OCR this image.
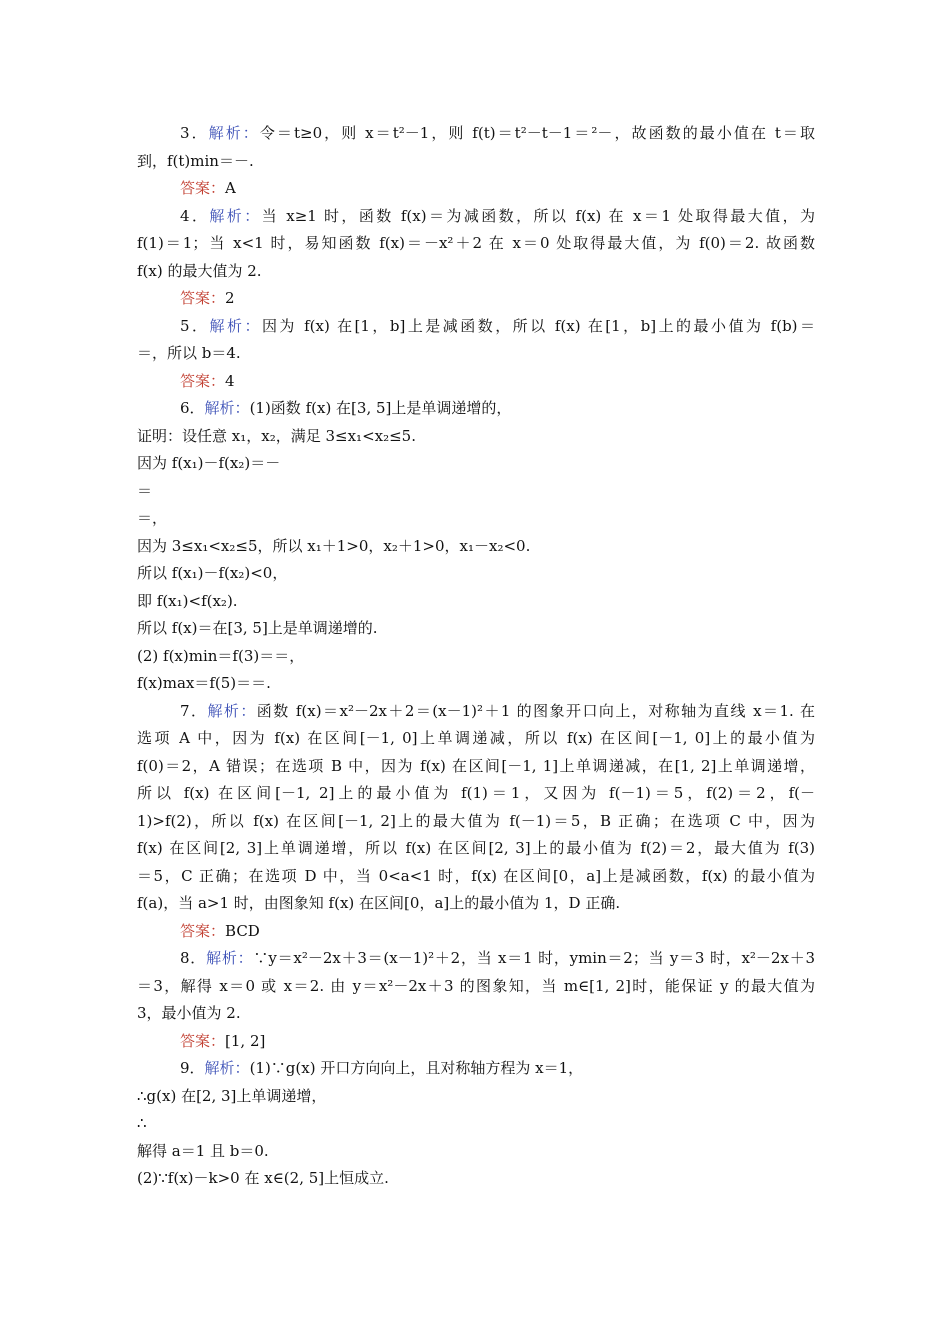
3．解析：令＝t≥0，则 x＝t²－1，则 f(t)＝t²－t－1＝²－，故函数的最小值在 t＝取
到，f(t)min＝－.
答案：A
4．解析：当 x≥1 时，函数 f(x)＝为减函数，所以 f(x) 在 x＝1 处取得最大值，为
f(1)＝1；当 x<1 时，易知函数 f(x)＝－x²＋2 在 x＝0 处取得最大值，为 f(0)＝2. 故函数
f(x) 的最大值为 2.
答案：2
5．解析：因为 f(x) 在[1，b]上是减函数，所以 f(x) 在[1，b]上的最小值为 f(b)＝
＝，所以 b＝4.
答案：4
6．解析：(1)函数 f(x) 在[3, 5]上是单调递增的，
证明：设任意 x₁，x₂，满足 3≤x₁<x₂≤5.
因为 f(x₁)－f(x₂)＝－
＝
＝，
因为 3≤x₁<x₂≤5，所以 x₁＋1>0，x₂＋1>0，x₁－x₂<0.
所以 f(x₁)－f(x₂)<0，
即 f(x₁)<f(x₂).
所以 f(x)＝在[3, 5]上是单调递增的.
(2) f(x)min＝f(3)＝＝，
f(x)max＝f(5)＝＝.
7．解析：函数 f(x)＝x²－2x＋2＝(x－1)²＋1 的图象开口向上，对称轴为直线 x＝1. 在
选项 A 中，因为 f(x) 在区间[－1, 0]上单调递减，所以 f(x) 在区间[－1, 0]上的最小值为
f(0)＝2，A 错误；在选项 B 中，因为 f(x) 在区间[－1, 1]上单调递减，在[1, 2]上单调递增，
所以 f(x) 在区间[－1, 2]上的最小值为 f(1)＝1，又因为 f(－1)＝5，f(2)＝2，f(－
1)>f(2)，所以 f(x) 在区间[－1, 2]上的最大值为 f(－1)＝5，B 正确；在选项 C 中，因为
f(x) 在区间[2, 3]上单调递增，所以 f(x) 在区间[2, 3]上的最小值为 f(2)＝2，最大值为 f(3)
＝5，C 正确；在选项 D 中，当 0<a<1 时，f(x) 在区间[0，a]上是减函数，f(x) 的最小值为
f(a)，当 a>1 时，由图象知 f(x) 在区间[0，a]上的最小值为 1，D 正确.
答案：BCD
8．解析：∵y＝x²－2x＋3＝(x－1)²＋2，当 x＝1 时，ymin＝2；当 y＝3 时，x²－2x＋3
＝3，解得 x＝0 或 x＝2. 由 y＝x²－2x＋3 的图象知，当 m∈[1, 2]时，能保证 y 的最大值为
3，最小值为 2.
答案：[1, 2]
9．解析：(1)∵g(x) 开口方向向上，且对称轴方程为 x＝1，
∴g(x) 在[2, 3]上单调递增，
∴
解得 a＝1 且 b＝0.
(2)∵f(x)－k>0 在 x∈(2, 5]上恒成立.
